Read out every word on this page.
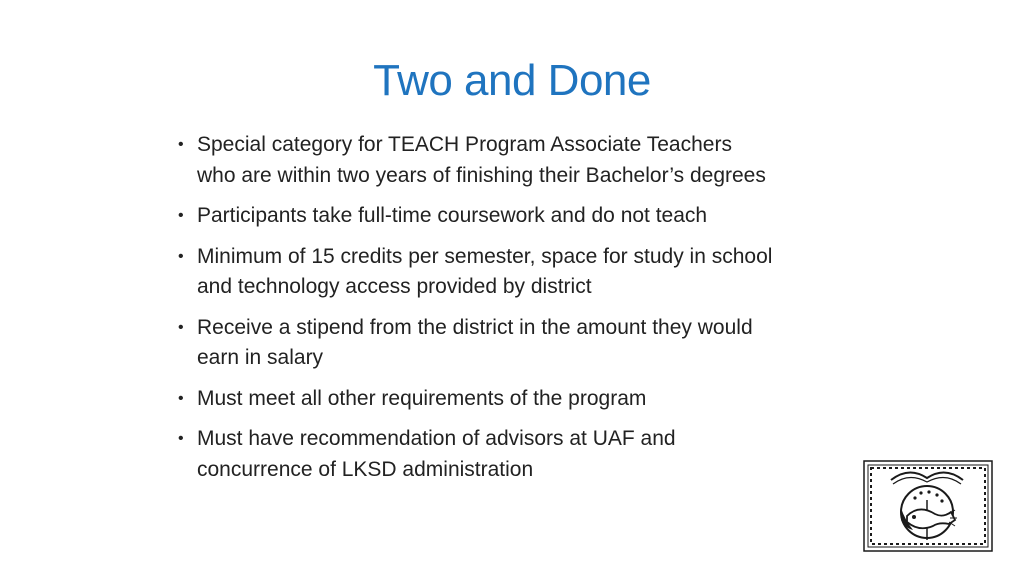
Two and Done
• Special category for TEACH Program Associate Teachers who are within two years of finishing their Bachelor’s degrees
• Participants take full-time coursework and do not teach
• Minimum of 15 credits per semester, space for study in school and technology access provided by district
• Receive a stipend from the district in the amount they would earn in salary
• Must meet all other requirements of the program
• Must have recommendation of advisors at UAF and concurrence of LKSD administration
